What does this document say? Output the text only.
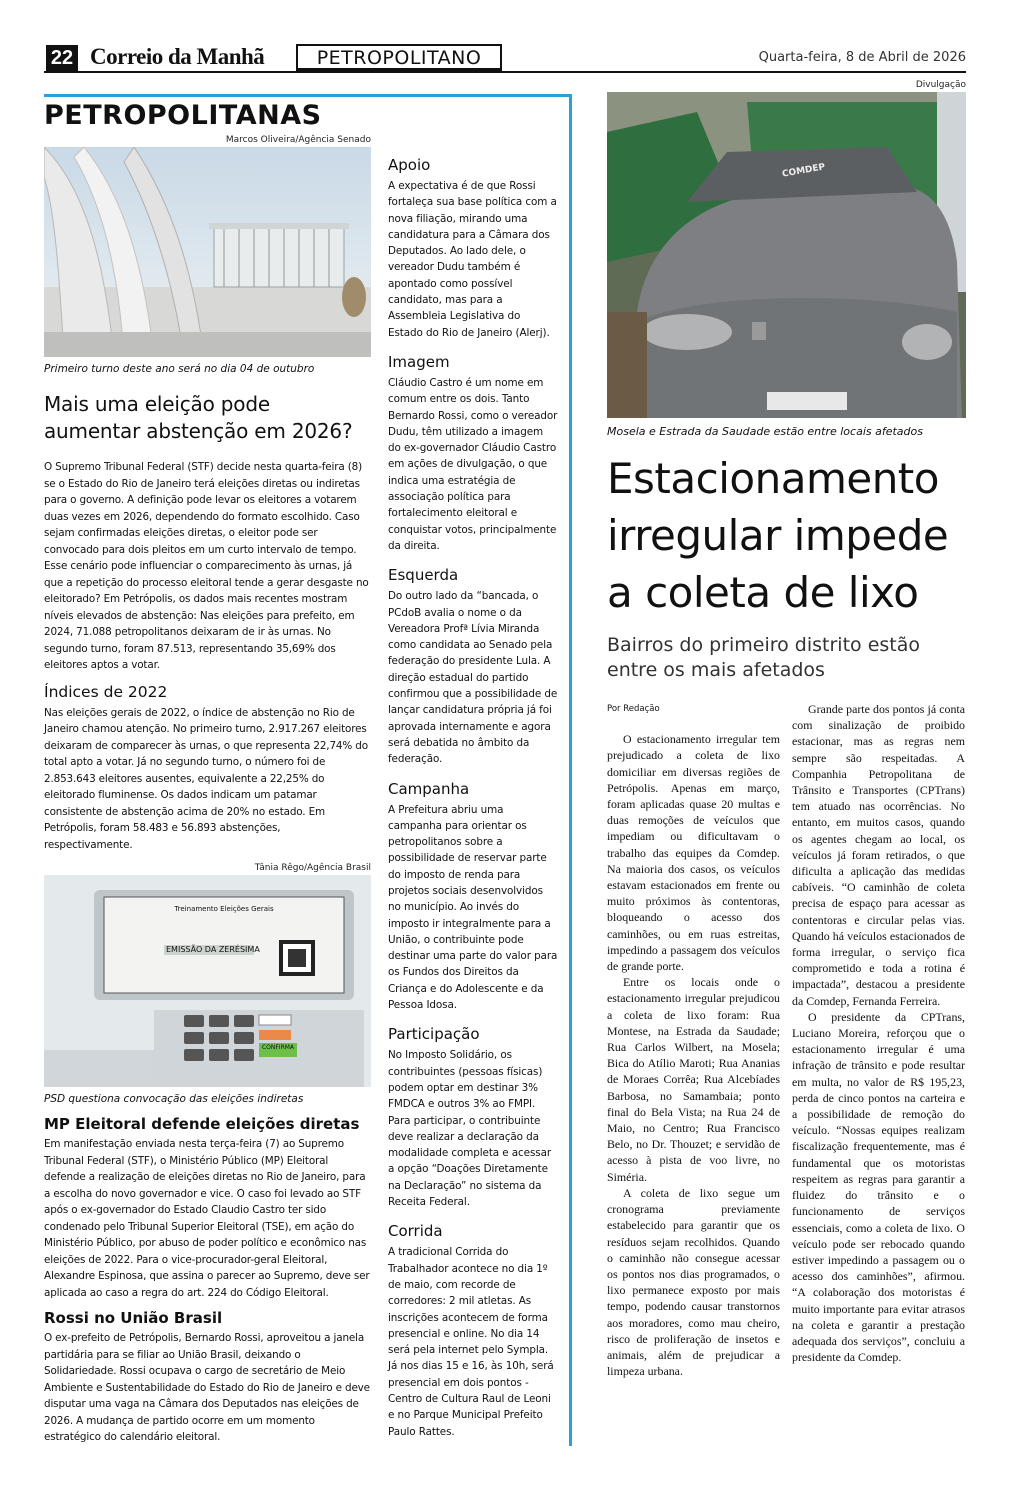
22 Correio da Manhã	PETROPOLITANO	Quarta-feira, 8 de Abril de 2026
PETROPOLITANAS
Marcos Oliveira/Agência Senado

Primeiro turno deste ano será no dia 04 de outubro

Mais uma eleição pode aumentar abstenção em 2026?

O Supremo Tribunal Federal (STF) decide nesta quarta-feira (8) se o Estado do Rio de Janeiro terá eleições diretas ou indiretas para o governo. A definição pode levar os eleitores a votarem duas vezes em 2026, dependendo do formato escolhido. Caso sejam confirmadas eleições diretas, o eleitor pode ser convocado para dois pleitos em um curto intervalo de tempo. Esse cenário pode influenciar o comparecimento às urnas, já que a repetição do processo eleitoral tende a gerar desgaste no eleitorado? Em Petrópolis, os dados mais recentes mostram níveis elevados de abstenção: Nas eleições para prefeito, em 2024, 71.088 petropolitanos deixaram de ir às urnas. No segundo turno, foram 87.513, representando 35,69% dos eleitores aptos a votar.

Índices de 2022

Nas eleições gerais de 2022, o índice de abstenção no Rio de Janeiro chamou atenção. No primeiro turno, 2.917.267 eleitores deixaram de comparecer às urnas, o que representa 22,74% do total apto a votar. Já no segundo turno, o número foi de 2.853.643 eleitores ausentes, equivalente a 22,25% do eleitorado fluminense. Os dados indicam um patamar consistente de abstenção acima de 20% no estado. Em Petrópolis, foram 58.483 e 56.893 abstenções, respectivamente.

Tânia Rêgo/Agência Brasil
Treinamento Eleições Gerais
EMISSÃO DA ZERÉSIMA
CONFIRMA

PSD questiona convocação das eleições indiretas

MP Eleitoral defende eleições diretas

Em manifestação enviada nesta terça-feira (7) ao Supremo Tribunal Federal (STF), o Ministério Público (MP) Eleitoral defende a realização de eleições diretas no Rio de Janeiro, para a escolha do novo governador e vice. O caso foi levado ao STF após o ex-governador do Estado Claudio Castro ter sido condenado pelo Tribunal Superior Eleitoral (TSE), em ação do Ministério Público, por abuso de poder político e econômico nas eleições de 2022. Para o vice-procurador-geral Eleitoral, Alexandre Espinosa, que assina o parecer ao Supremo, deve ser aplicada ao caso a regra do art. 224 do Código Eleitoral.

Rossi no União Brasil

O ex-prefeito de Petrópolis, Bernardo Rossi, aproveitou a janela partidária para se filiar ao União Brasil, deixando o Solidariedade. Rossi ocupava o cargo de secretário de Meio Ambiente e Sustentabilidade do Estado do Rio de Janeiro e deve disputar uma vaga na Câmara dos Deputados nas eleições de 2026. A mudança de partido ocorre em um momento estratégico do calendário eleitoral.

Apoio

A expectativa é de que Rossi fortaleça sua base política com a nova filiação, mirando uma candidatura para a Câmara dos Deputados. Ao lado dele, o vereador Dudu também é apontado como possível candidato, mas para a Assembleia Legislativa do Estado do Rio de Janeiro (Alerj).

Imagem

Cláudio Castro é um nome em comum entre os dois. Tanto Bernardo Rossi, como o vereador Dudu, têm utilizado a imagem do ex-governador Cláudio Castro em ações de divulgação, o que indica uma estratégia de associação política para fortalecimento eleitoral e conquistar votos, principalmente da direita.

Esquerda

Do outro lado da “bancada, o PCdoB avalia o nome o da Vereadora Profª Lívia Miranda como candidata ao Senado pela federação do presidente Lula. A direção estadual do partido confirmou que a possibilidade de lançar candidatura própria já foi aprovada internamente e agora será debatida no âmbito da federação.

Campanha

A Prefeitura abriu uma campanha para orientar os petropolitanos sobre a possibilidade de reservar parte do imposto de renda para projetos sociais desenvolvidos no município. Ao invés do imposto ir integralmente para a União, o contribuinte pode destinar uma parte do valor para os Fundos dos Direitos da Criança e do Adolescente e da Pessoa Idosa.

Participação

No Imposto Solidário, os contribuintes (pessoas físicas) podem optar em destinar 3% FMDCA e outros 3% ao FMPI. Para participar, o contribuinte deve realizar a declaração da modalidade completa e acessar a opção “Doações Diretamente na Declaração” no sistema da Receita Federal.

Corrida

A tradicional Corrida do Trabalhador acontece no dia 1º de maio, com recorde de corredores: 2 mil atletas. As inscrições acontecem de forma presencial e online. No dia 14 será pela internet pelo Sympla. Já nos dias 15 e 16, às 10h, será presencial em dois pontos - Centro de Cultura Raul de Leoni e no Parque Municipal Prefeito Paulo Rattes.

Divulgação
COMDEP

Mosela e Estrada da Saudade estão entre locais afetados

Estacionamento irregular impede a coleta de lixo
Bairros do primeiro distrito estão entre os mais afetados
Por Redação

O estacionamento irregular tem prejudicado a coleta de lixo domiciliar em diversas regiões de Petrópolis. Apenas em março, foram aplicadas quase 20 multas e duas remoções de veículos que impediam ou dificultavam o trabalho das equipes da Comdep. Na maioria dos casos, os veículos estavam estacionados em frente ou muito próximos às contentoras, bloqueando o acesso dos caminhões, ou em ruas estreitas, impedindo a passagem dos veículos de grande porte.

Entre os locais onde o estacionamento irregular prejudicou a coleta de lixo foram: Rua Montese, na Estrada da Saudade; Rua Carlos Wilbert, na Mosela; Bica do Atílio Maroti; Rua Ananias de Moraes Corrêa; Rua Alcebíades Barbosa, no Samambaia; ponto final do Bela Vista; na Rua 24 de Maio, no Centro; Rua Francisco Belo, no Dr. Thouzet; e servidão de acesso à pista de voo livre, no Siméria.

A coleta de lixo segue um cronograma previamente estabelecido para garantir que os resíduos sejam recolhidos. Quando o caminhão não consegue acessar os pontos nos dias programados, o lixo permanece exposto por mais tempo, podendo causar transtornos aos moradores, como mau cheiro, risco de proliferação de insetos e animais, além de prejudicar a limpeza urbana.

Grande parte dos pontos já conta com sinalização de proibido estacionar, mas as regras nem sempre são respeitadas. A Companhia Petropolitana de Trânsito e Transportes (CPTrans) tem atuado nas ocorrências. No entanto, em muitos casos, quando os agentes chegam ao local, os veículos já foram retirados, o que dificulta a aplicação das medidas cabíveis. “O caminhão de coleta precisa de espaço para acessar as contentoras e circular pelas vias. Quando há veículos estacionados de forma irregular, o serviço fica comprometido e toda a rotina é impactada”, destacou a presidente da Comdep, Fernanda Ferreira.

O presidente da CPTrans, Luciano Moreira, reforçou que o estacionamento irregular é uma infração de trânsito e pode resultar em multa, no valor de R$ 195,23, perda de cinco pontos na carteira e a possibilidade de remoção do veículo. “Nossas equipes realizam fiscalização frequentemente, mas é fundamental que os motoristas respeitem as regras para garantir a fluidez do trânsito e o funcionamento de serviços essenciais, como a coleta de lixo. O veículo pode ser rebocado quando estiver impedindo a passagem ou o acesso dos caminhões”, afirmou. “A colaboração dos motoristas é muito importante para evitar atrasos na coleta e garantir a prestação adequada dos serviços”, concluiu a presidente da Comdep.
